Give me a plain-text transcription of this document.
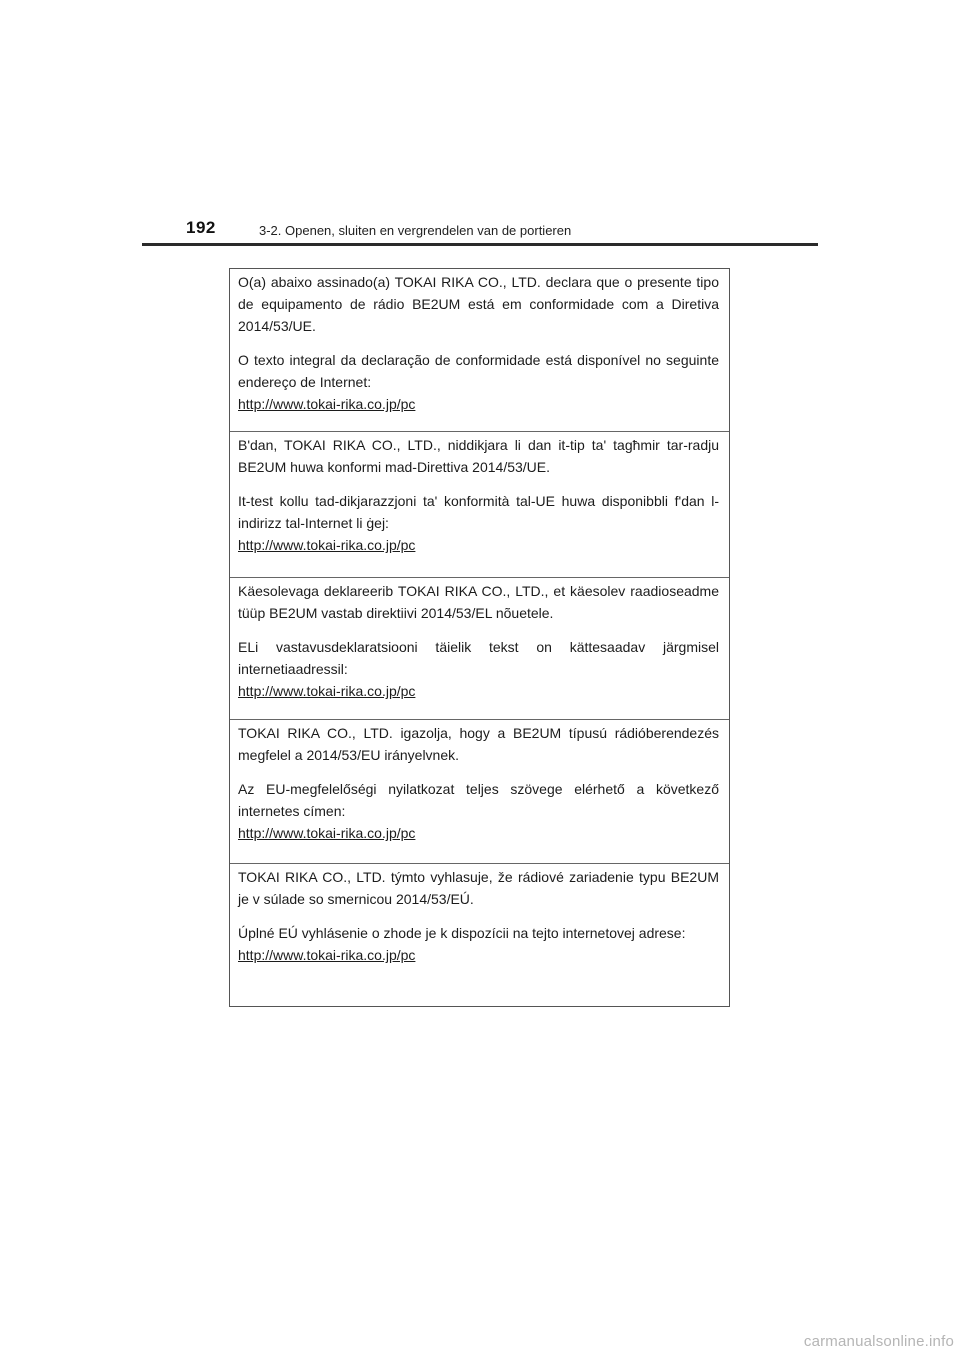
192	3-2. Openen, sluiten en vergrendelen van de portieren

O(a) abaixo assinado(a) TOKAI RIKA CO., LTD. declara que o presente tipo de equipamento de rádio BE2UM está em conformidade com a Diretiva 2014/53/UE.

O texto integral da declaração de conformidade está disponível no seguinte endereço de Internet:

http://www.tokai-rika.co.jp/pc

B'dan, TOKAI RIKA CO., LTD., niddikjara li dan it-tip ta' tagħmir tar-radju BE2UM huwa konformi mad-Direttiva 2014/53/UE.

It-test kollu tad-dikjarazzjoni ta' konformità tal-UE huwa disponibbli f'dan l-indirizz tal-Internet li ġej:

http://www.tokai-rika.co.jp/pc

Käesolevaga deklareerib TOKAI RIKA CO., LTD., et käesolev raadioseadme tüüp BE2UM vastab direktiivi 2014/53/EL nõuetele.

ELi vastavusdeklaratsiooni täielik tekst on kättesaadav järgmisel internetiaadressil:

http://www.tokai-rika.co.jp/pc

TOKAI RIKA CO., LTD. igazolja, hogy a BE2UM típusú rádióberendezés megfelel a 2014/53/EU irányelvnek.

Az EU-megfelelőségi nyilatkozat teljes szövege elérhető a következő internetes címen:

http://www.tokai-rika.co.jp/pc

TOKAI RIKA CO., LTD. týmto vyhlasuje, že rádiové zariadenie typu BE2UM je v súlade so smernicou 2014/53/EÚ.

Úplné EÚ vyhlásenie o zhode je k dispozícii na tejto internetovej adrese:

http://www.tokai-rika.co.jp/pc
carmanualsonline.info
